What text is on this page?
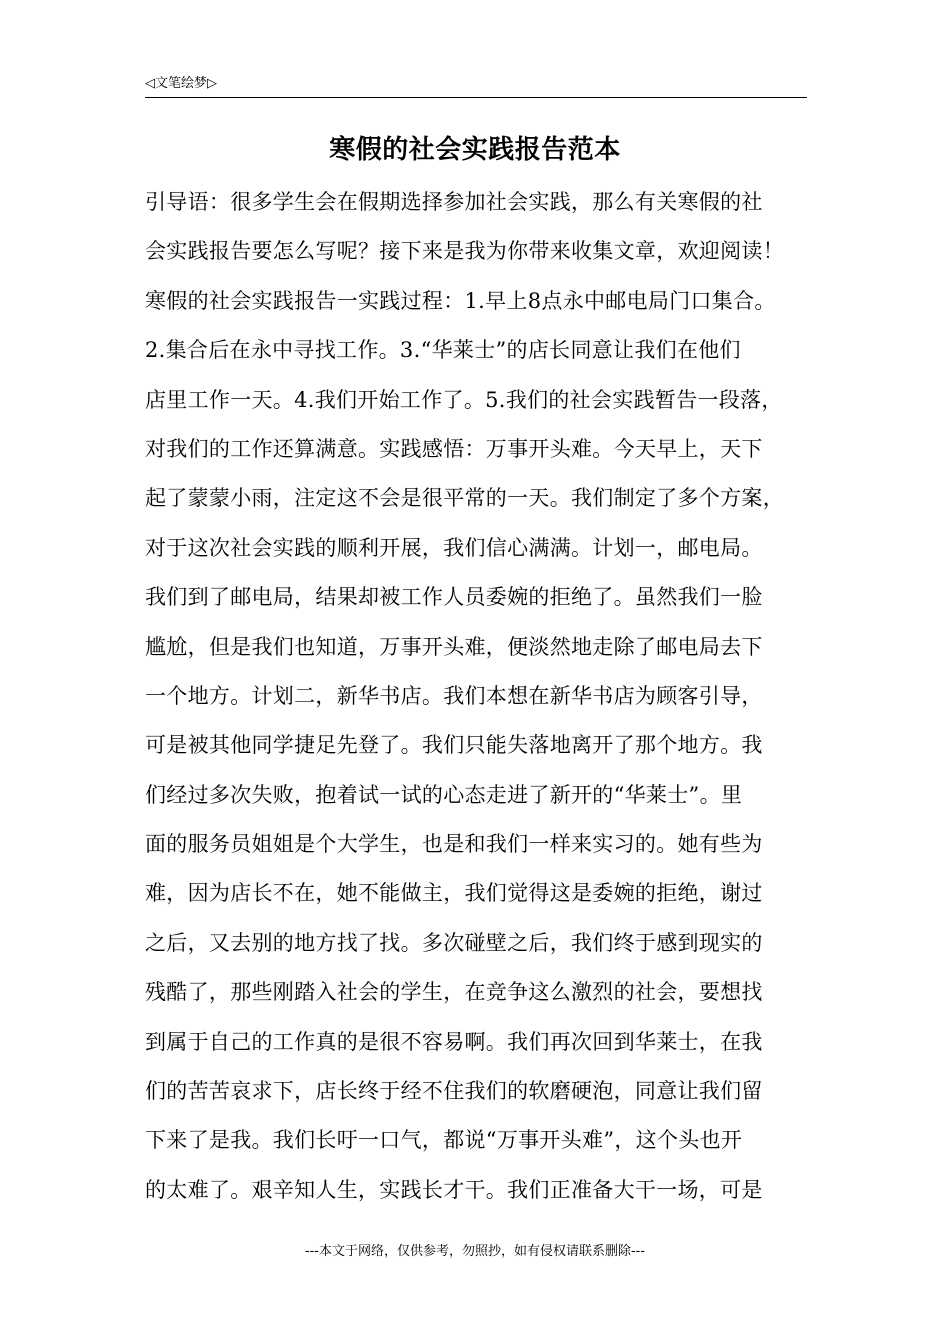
◁文笔绘梦▷
寒假的社会实践报告范本
引导语：很多学生会在假期选择参加社会实践，那么有关寒假的社
会实践报告要怎么写呢？接下来是我为你带来收集文章，欢迎阅读！
寒假的社会实践报告一实践过程：1.早上8点永中邮电局门口集合。
2.集合后在永中寻找工作。3.“华莱士”的店长同意让我们在他们
店里工作一天。4.我们开始工作了。5.我们的社会实践暂告一段落，
对我们的工作还算满意。实践感悟：万事开头难。今天早上，天下
起了蒙蒙小雨，注定这不会是很平常的一天。我们制定了多个方案，
对于这次社会实践的顺利开展，我们信心满满。计划一，邮电局。
我们到了邮电局，结果却被工作人员委婉的拒绝了。虽然我们一脸
尴尬，但是我们也知道，万事开头难，便淡然地走除了邮电局去下
一个地方。计划二，新华书店。我们本想在新华书店为顾客引导，
可是被其他同学捷足先登了。我们只能失落地离开了那个地方。我
们经过多次失败，抱着试一试的心态走进了新开的“华莱士”。里
面的服务员姐姐是个大学生，也是和我们一样来实习的。她有些为
难，因为店长不在，她不能做主，我们觉得这是委婉的拒绝，谢过
之后，又去别的地方找了找。多次碰壁之后，我们终于感到现实的
残酷了，那些刚踏入社会的学生，在竞争这么激烈的社会，要想找
到属于自己的工作真的是很不容易啊。我们再次回到华莱士，在我
们的苦苦哀求下，店长终于经不住我们的软磨硬泡，同意让我们留
下来了是我。我们长吁一口气，都说“万事开头难”，这个头也开
的太难了。艰辛知人生，实践长才干。我们正准备大干一场，可是
---本文于网络，仅供参考，勿照抄，如有侵权请联系删除---
